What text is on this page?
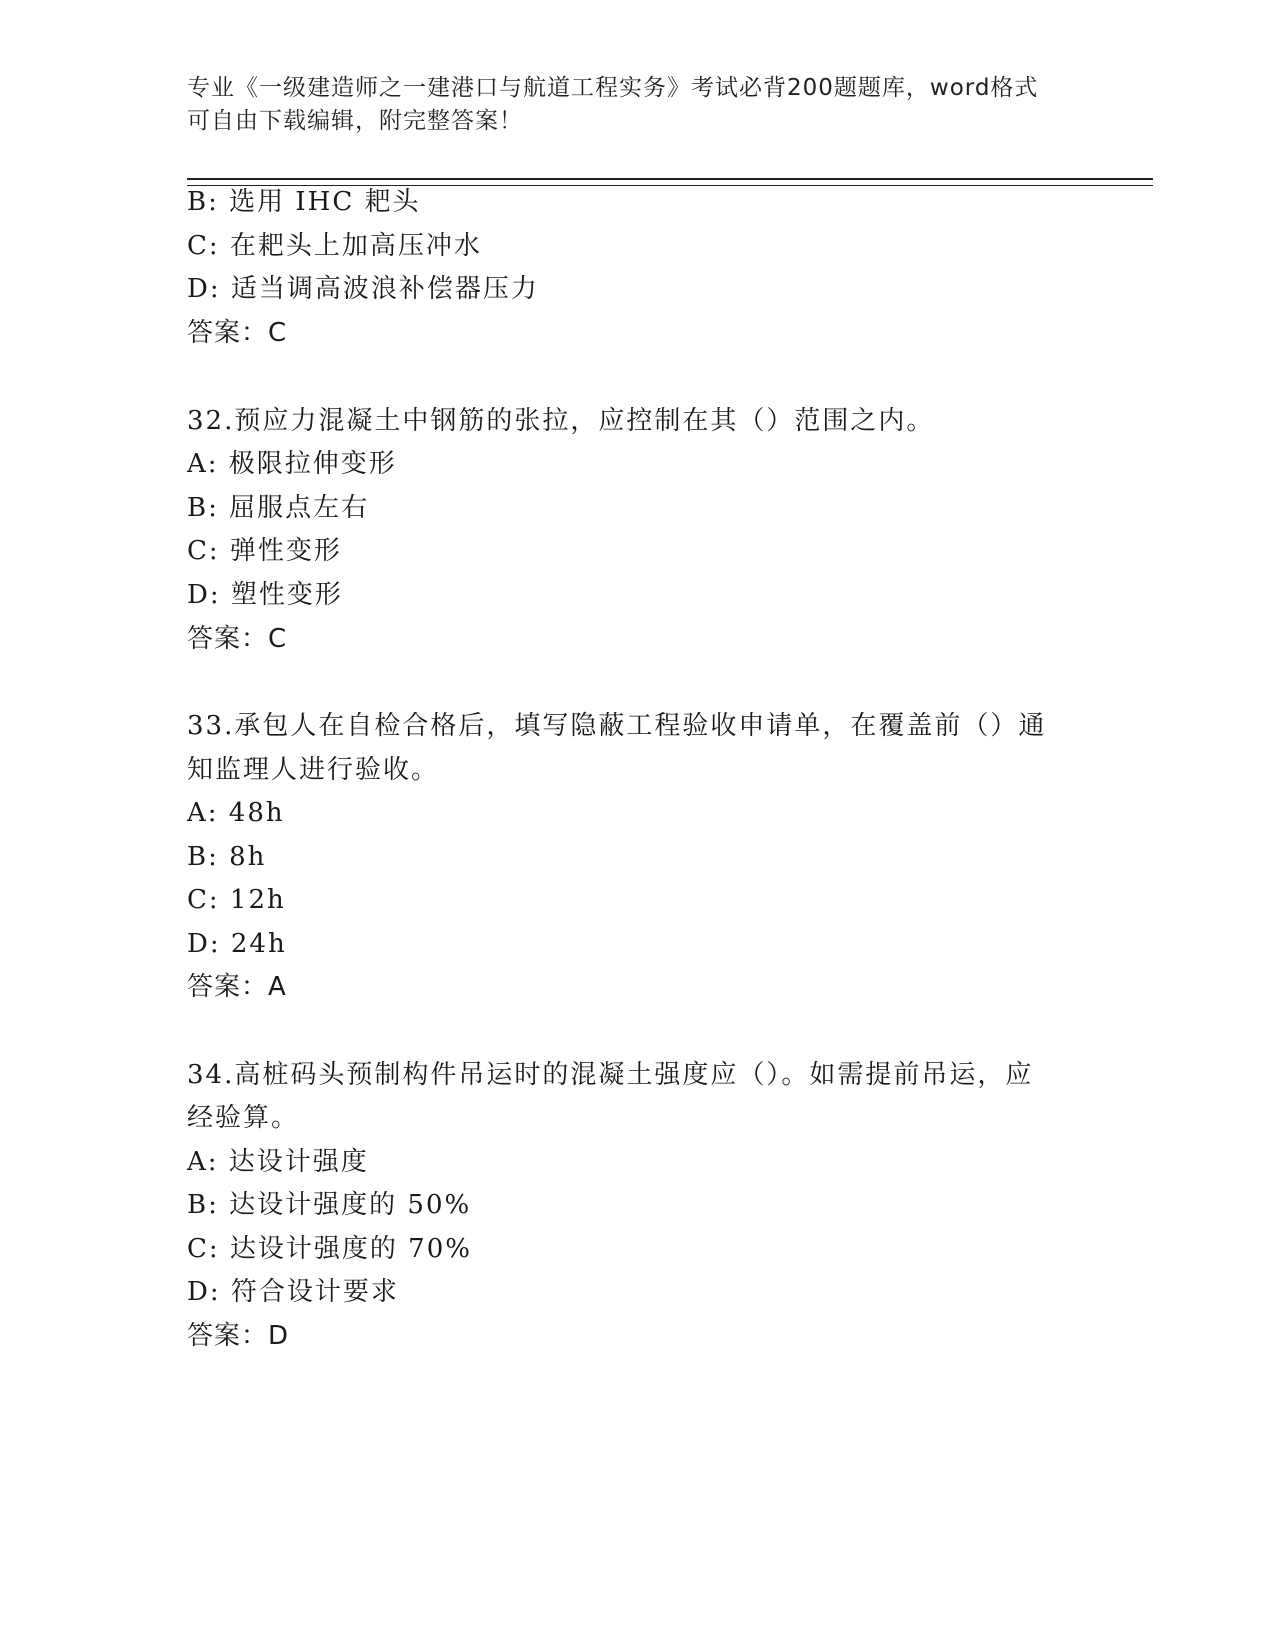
专业《一级建造师之一建港口与航道工程实务》考试必背200题题库，word格式
可自由下载编辑，附完整答案！
B: 选用 IHC 耙头
C: 在耙头上加高压冲水
D: 适当调高波浪补偿器压力
答案：C
32.预应力混凝土中钢筋的张拉，应控制在其（）范围之内。
A: 极限拉伸变形
B: 屈服点左右
C: 弹性变形
D: 塑性变形
答案：C
33.承包人在自检合格后，填写隐蔽工程验收申请单，在覆盖前（）通
知监理人进行验收。
A: 48h
B: 8h
C: 12h
D: 24h
答案：A
34.高桩码头预制构件吊运时的混凝土强度应（）。如需提前吊运，应
经验算。
A: 达设计强度
B: 达设计强度的 50%
C: 达设计强度的 70%
D: 符合设计要求
答案：D
